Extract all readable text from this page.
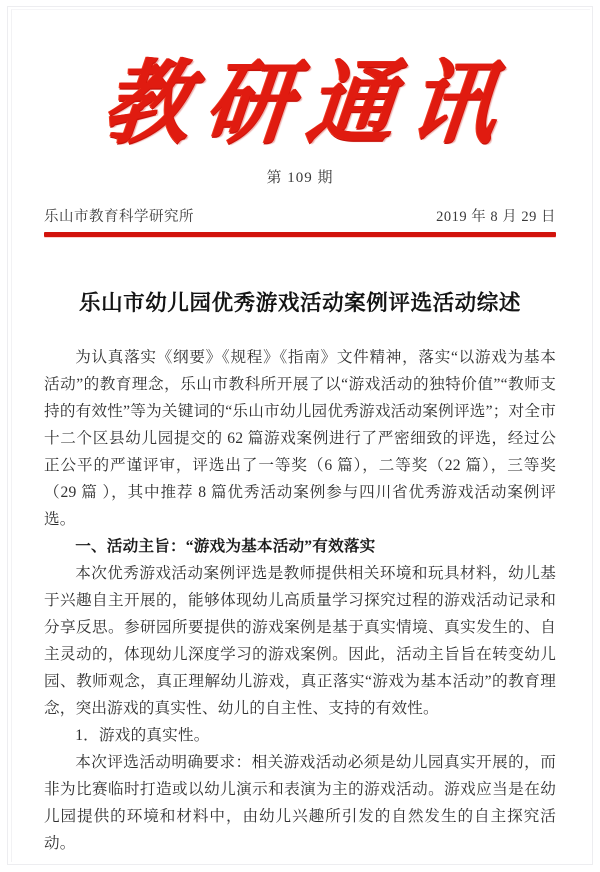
教研通讯
第 109 期
乐山市教育科学研究所	2019 年 8 月 29 日
乐山市幼儿园优秀游戏活动案例评选活动综述

为认真落实《纲要》《规程》《指南》文件精神，落实“以游戏为基本活动”的教育理念，乐山市教科所开展了以“游戏活动的独特价值”“教师支持的有效性”等为关键词的“乐山市幼儿园优秀游戏活动案例评选”；对全市十二个区县幼儿园提交的 62 篇游戏案例进行了严密细致的评选，经过公正公平的严谨评审，评选出了一等奖（6 篇），二等奖（22 篇），三等奖（29 篇 ），其中推荐 8 篇优秀活动案例参与四川省优秀游戏活动案例评选。

一、活动主旨：“游戏为基本活动”有效落实

本次优秀游戏活动案例评选是教师提供相关环境和玩具材料，幼儿基于兴趣自主开展的，能够体现幼儿高质量学习探究过程的游戏活动记录和分享反思。参研园所要提供的游戏案例是基于真实情境、真实发生的、自主灵动的，体现幼儿深度学习的游戏案例。因此，活动主旨旨在转变幼儿园、教师观念，真正理解幼儿游戏，真正落实“游戏为基本活动”的教育理念，突出游戏的真实性、幼儿的自主性、支持的有效性。

1．游戏的真实性。

本次评选活动明确要求：相关游戏活动必须是幼儿园真实开展的，而非为比赛临时打造或以幼儿演示和表演为主的游戏活动。游戏应当是在幼儿园提供的环境和材料中，由幼儿兴趣所引发的自然发生的自主探究活动。
